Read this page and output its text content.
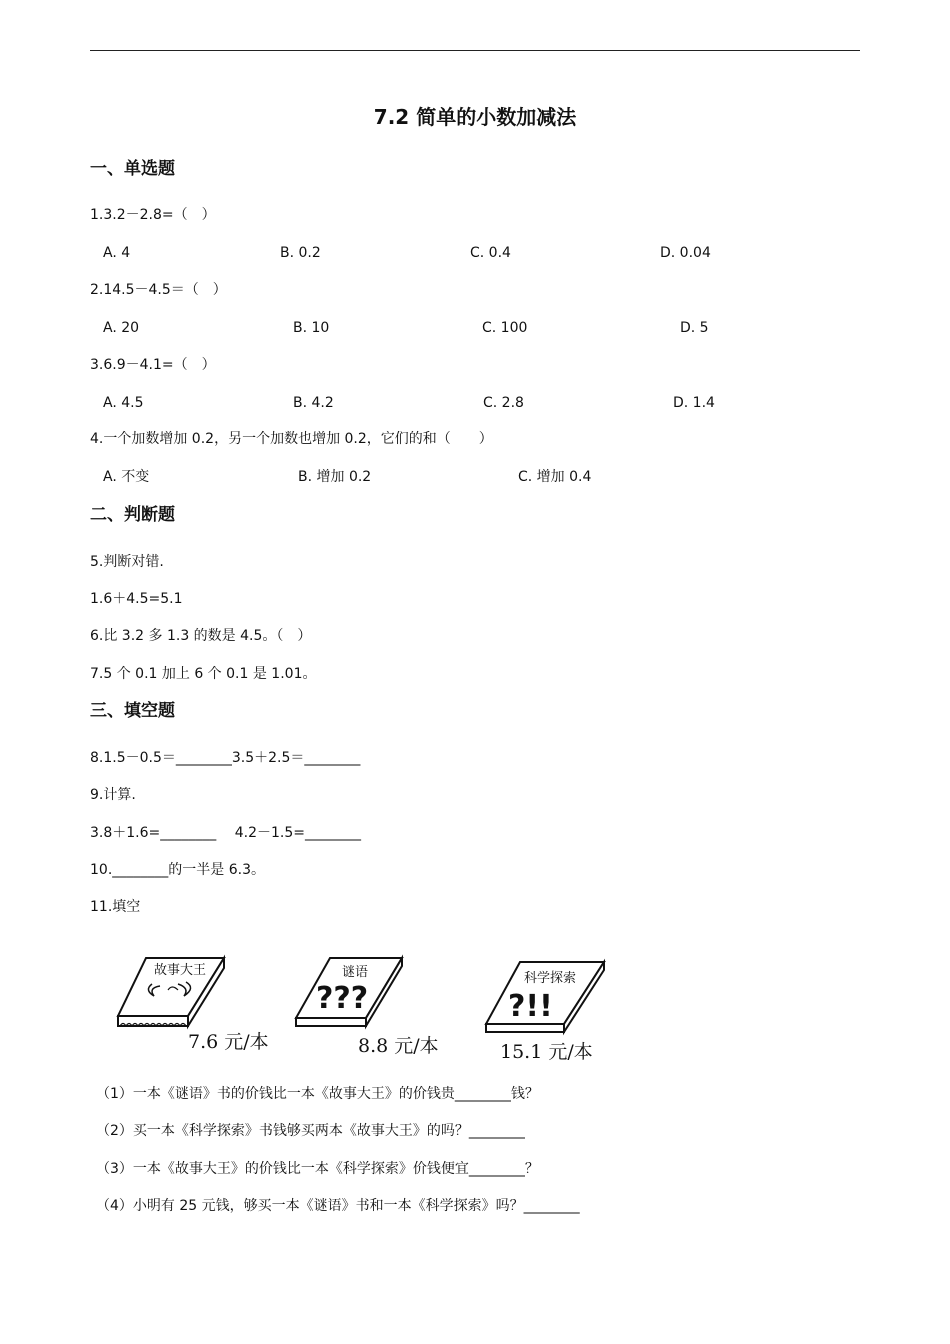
7.2 简单的小数加减法
一、单选题
1.3.2－2.8=（　）
A. 4	B. 0.2	C. 0.4	D. 0.04
2.14.5－4.5＝（　）
A. 20	B. 10	C. 100	D. 5
3.6.9－4.1=（　）
A. 4.5	B. 4.2	C. 2.8	D. 1.4
4.一个加数增加 0.2，另一个加数也增加 0.2，它们的和（　　）
A. 不变	B. 增加 0.2	C. 增加 0.4
二、判断题
5.判断对错.
1.6＋4.5=5.1
6.比 3.2 多 1.3 的数是 4.5。（　）
7.5 个 0.1 加上 6 个 0.1 是 1.01。
三、填空题
8.1.5－0.5＝________3.5＋2.5＝________
9.计算.
3.8＋1.6=________　 4.2－1.5=________
10.________的一半是 6.3。
11.填空
故事大王
7.6 元/本
谜语
???
8.8 元/本
科学探索
?!!
15.1 元/本
（1）一本《谜语》书的价钱比一本《故事大王》的价钱贵________钱？
（2）买一本《科学探索》书钱够买两本《故事大王》的吗？________
（3）一本《故事大王》的价钱比一本《科学探索》价钱便宜________？
（4）小明有 25 元钱，够买一本《谜语》书和一本《科学探索》吗？________
